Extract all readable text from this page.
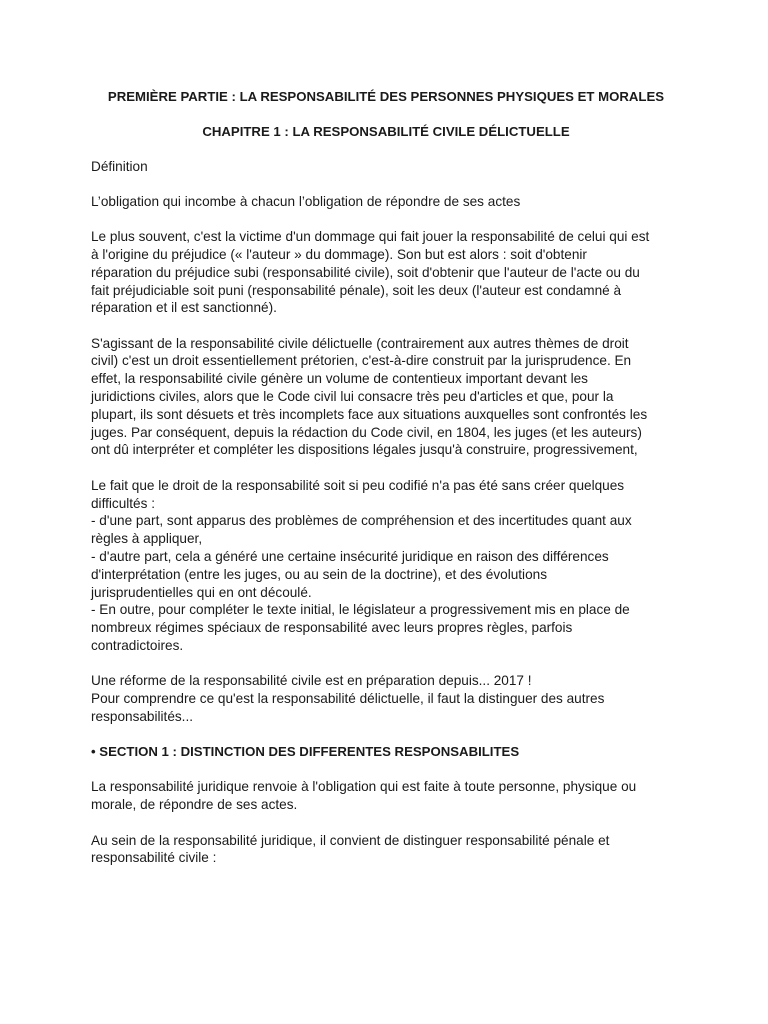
PREMIÈRE PARTIE : LA RESPONSABILITÉ DES PERSONNES PHYSIQUES ET MORALES
CHAPITRE 1 : LA RESPONSABILITÉ CIVILE DÉLICTUELLE
Définition
L’obligation qui incombe à chacun l’obligation de répondre de ses actes
Le plus souvent, c'est la victime d'un dommage qui fait jouer la responsabilité de celui qui est
à l'origine du préjudice (« l'auteur » du dommage). Son but est alors : soit d'obtenir
réparation du préjudice subi (responsabilité civile), soit d'obtenir que l'auteur de l'acte ou du
fait préjudiciable soit puni (responsabilité pénale), soit les deux (l'auteur est condamné à
réparation et il est sanctionné).
S'agissant de la responsabilité civile délictuelle (contrairement aux autres thèmes de droit
civil) c'est un droit essentiellement prétorien, c'est-à-dire construit par la jurisprudence. En
effet, la responsabilité civile génère un volume de contentieux important devant les
juridictions civiles, alors que le Code civil lui consacre très peu d'articles et que, pour la
plupart, ils sont désuets et très incomplets face aux situations auxquelles sont confrontés les
juges. Par conséquent, depuis la rédaction du Code civil, en 1804, les juges (et les auteurs)
ont dû interpréter et compléter les dispositions légales jusqu'à construire, progressivement,
Le fait que le droit de la responsabilité soit si peu codifié n'a pas été sans créer quelques
difficultés :
- d'une part, sont apparus des problèmes de compréhension et des incertitudes quant aux
règles à appliquer,
- d'autre part, cela a généré une certaine insécurité juridique en raison des différences
d'interprétation (entre les juges, ou au sein de la doctrine), et des évolutions
jurisprudentielles qui en ont découlé.
- En outre, pour compléter le texte initial, le législateur a progressivement mis en place de
nombreux régimes spéciaux de responsabilité avec leurs propres règles, parfois
contradictoires.
Une réforme de la responsabilité civile est en préparation depuis... 2017 !
Pour comprendre ce qu'est la responsabilité délictuelle, il faut la distinguer des autres
responsabilités...
• SECTION 1 : DISTINCTION DES DIFFERENTES RESPONSABILITES
La responsabilité juridique renvoie à l'obligation qui est faite à toute personne, physique ou
morale, de répondre de ses actes.
Au sein de la responsabilité juridique, il convient de distinguer responsabilité pénale et
responsabilité civile :
